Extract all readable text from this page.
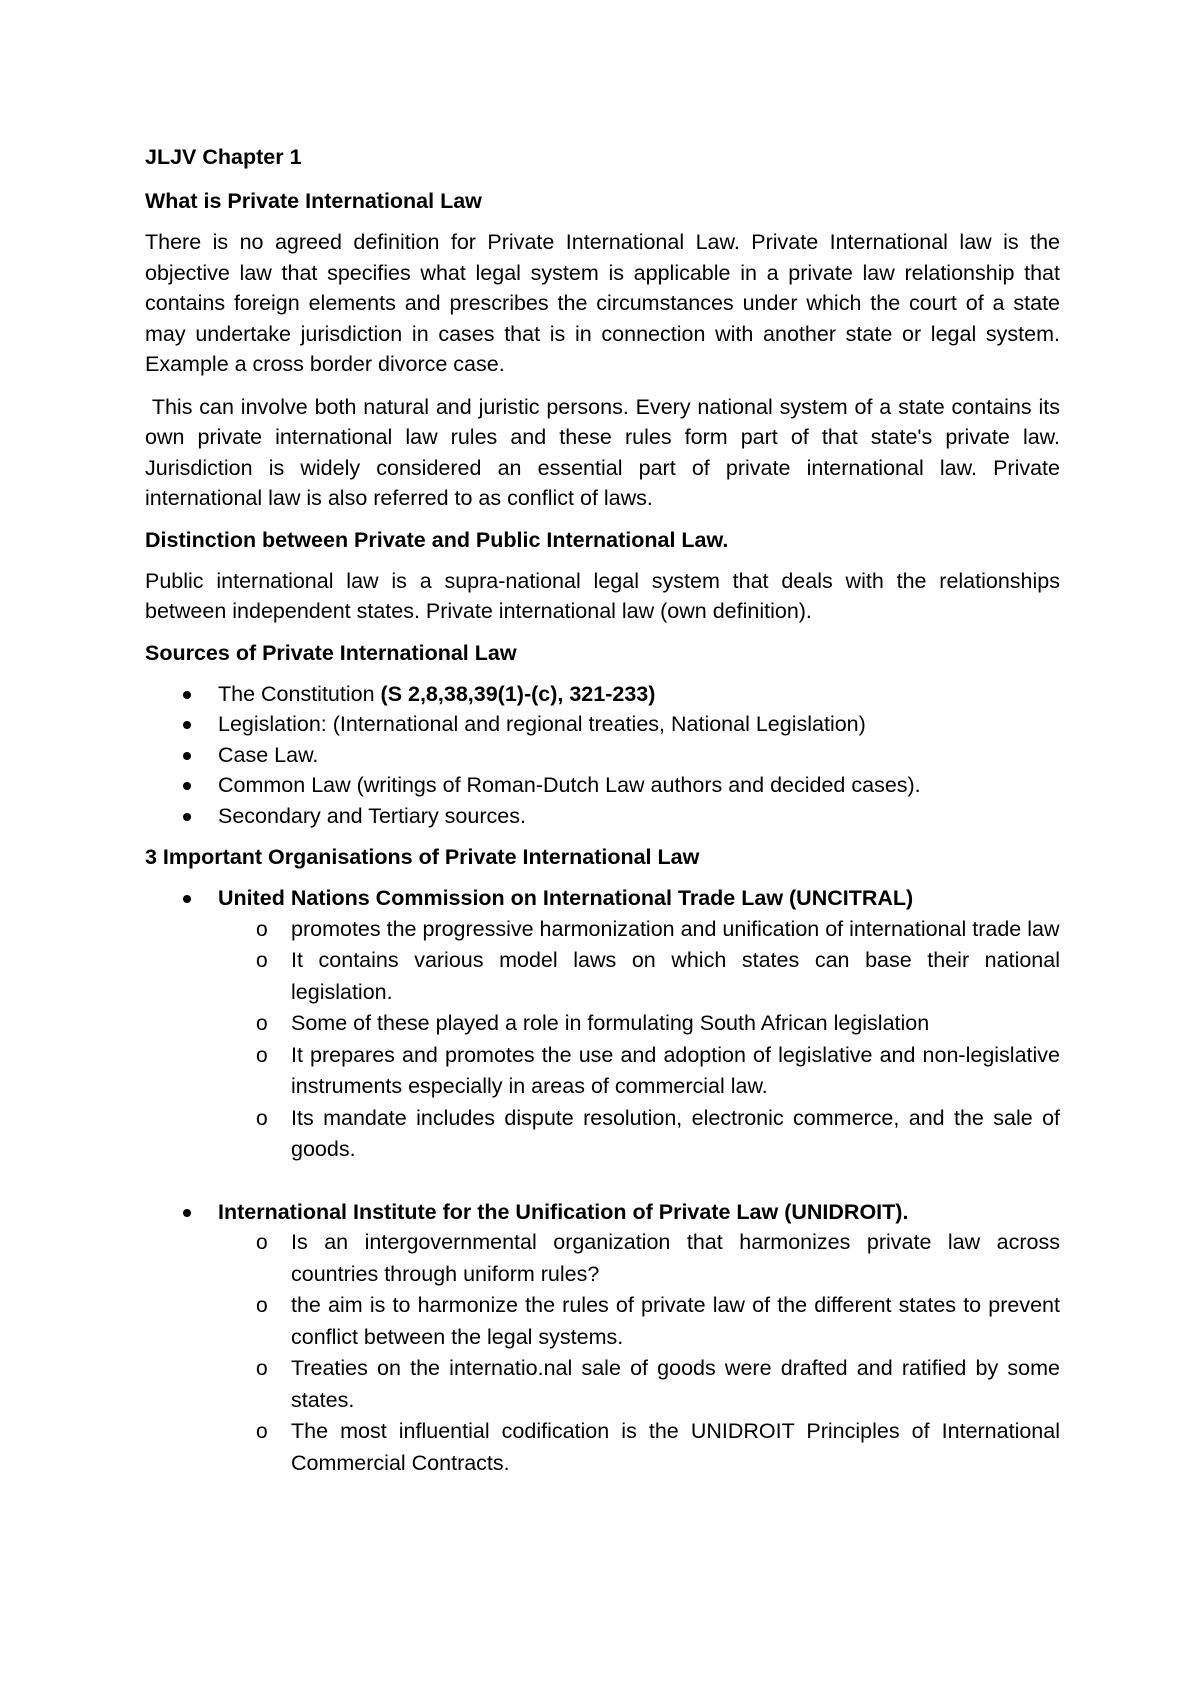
JLJV Chapter 1
What is Private International Law

There is no agreed definition for Private International Law. Private International law is the objective law that specifies what legal system is applicable in a private law relationship that contains foreign elements and prescribes the circumstances under which the court of a state may undertake jurisdiction in cases that is in connection with another state or legal system. Example a cross border divorce case.

This can involve both natural and juristic persons. Every national system of a state contains its own private international law rules and these rules form part of that state's private law. Jurisdiction is widely considered an essential part of private international law. Private international law is also referred to as conflict of laws.

Distinction between Private and Public International Law.

Public international law is a supra-national legal system that deals with the relationships between independent states. Private international law (own definition).

Sources of Private International Law
The Constitution (S 2,8,38,39(1)-(c), 321-233)
Legislation: (International and regional treaties, National Legislation)
Case Law.
Common Law (writings of Roman-Dutch Law authors and decided cases).
Secondary and Tertiary sources.
3 Important Organisations of Private International Law
United Nations Commission on International Trade Law (UNCITRAL)
o promotes the progressive harmonization and unification of international trade law
o It contains various model laws on which states can base their national legislation.
o Some of these played a role in formulating South African legislation
o It prepares and promotes the use and adoption of legislative and non-legislative instruments especially in areas of commercial law.
o Its mandate includes dispute resolution, electronic commerce, and the sale of goods.
International Institute for the Unification of Private Law (UNIDROIT).
o Is an intergovernmental organization that harmonizes private law across countries through uniform rules?
o the aim is to harmonize the rules of private law of the different states to prevent conflict between the legal systems.
o Treaties on the internatio.nal sale of goods were drafted and ratified by some states.
o The most influential codification is the UNIDROIT Principles of International Commercial Contracts.
